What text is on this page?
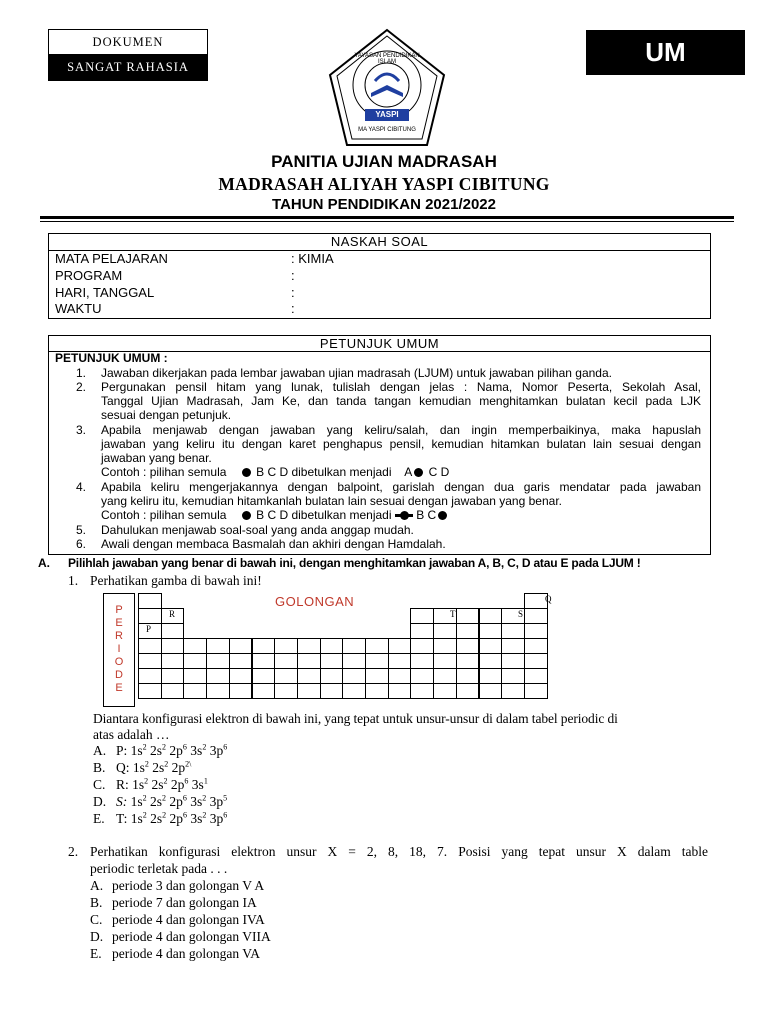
DOKUMEN
SANGAT RAHASIA	UM
YAYASAN PENDIDIKAN ISLAM
YASPI
MA YASPI CIBITUNG
PANITIA UJIAN MADRASAH
MADRASAH ALIYAH YASPI CIBITUNG
TAHUN PENDIDIKAN 2021/2022
NASKAH SOAL
MATA PELAJARAN	: KIMIA
PROGRAM	:
HARI, TANGGAL	:
WAKTU	:
PETUNJUK UMUM
PETUNJUK UMUM :
1. Jawaban dikerjakan pada lembar jawaban ujian madrasah (LJUM) untuk jawaban pilihan ganda.
2. Pergunakan pensil hitam yang lunak, tulislah dengan jelas : Nama, Nomor Peserta, Sekolah Asal,
Tanggal Ujian Madrasah, Jam Ke, dan tanda tangan kemudian menghitamkan bulatan kecil pada LJK
sesuai dengan petunjuk.
3. Apabila menjawab dengan jawaban yang keliru/salah, dan ingin memperbaikinya, maka hapuslah
jawaban yang keliru itu dengan karet penghapus pensil, kemudian hitamkan bulatan lain sesuai dengan
jawaban yang benar.
Contoh : pilihan semula B C D dibetulkan menjadi A C D
4. Apabila keliru mengerjakannya dengan balpoint, garislah dengan dua garis mendatar pada jawaban
yang keliru itu, kemudian hitamkanlah bulatan lain sesuai dengan jawaban yang benar.
Contoh : pilihan semula B C D dibetulkan menjadi B C
5. Dahulukan menjawab soal-soal yang anda anggap mudah.
6. Awali dengan membaca Basmalah dan akhiri dengan Hamdalah.
A. Pilihlah jawaban yang benar di bawah ini, dengan menghitamkan jawaban A, B, C, D atau E pada LJUM !
1. Perhatikan gamba di bawah ini!
P
E
R
I
O
D
E
GOLONGAN
R
P
T	S
Q
Diantara konfigurasi elektron di bawah ini, yang tepat untuk unsur-unsur di dalam tabel periodic di
atas adalah …
A. P: $1s^2$ $2s^2$ $2p^6$ $3s^2$ $3p^6$
B. Q: $1s^2$ $2s^2$ $2p^{2\backslash}$
C. R: $1s^2$ $2s^2$ $2p^6$ $3s^1$
D. S: $1s^2$ $2s^2$ $2p^6$ $3s^2$ $3p^5$
E. T: $1s^2$ $2s^2$ $2p^6$ $3s^2$ $3p^6$
2. Perhatikan konfigurasi elektron unsur X = 2, 8, 18, 7. Posisi yang tepat unsur X dalam table
periodic terletak pada . . .
A. periode 3 dan golongan V A
B. periode 7 dan golongan IA
C. periode 4 dan golongan IVA
D. periode 4 dan golongan VIIA
E. periode 4 dan golongan VA
